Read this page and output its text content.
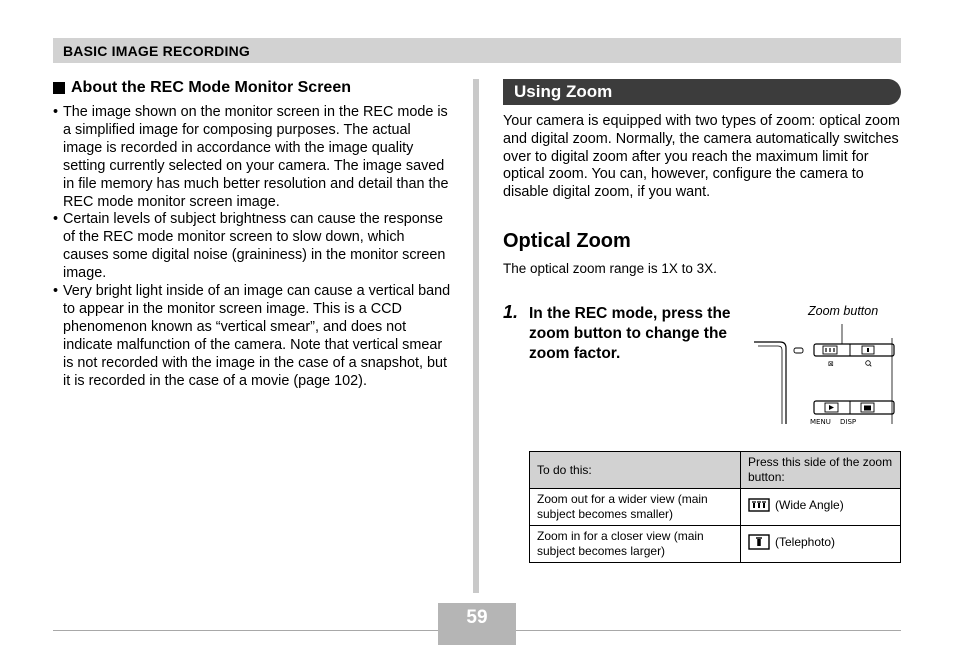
BASIC IMAGE RECORDING
About the REC Mode Monitor Screen
• The image shown on the monitor screen in the REC mode is a simplified image for composing purposes. The actual image is recorded in accordance with the image quality setting currently selected on your camera. The image saved in file memory has much better resolution and detail than the REC mode monitor screen image.
• Certain levels of subject brightness can cause the response of the REC mode monitor screen to slow down, which causes some digital noise (graininess) in the monitor screen image.
• Very bright light inside of an image can cause a vertical band to appear in the monitor screen image. This is a CCD phenomenon known as “vertical smear”, and does not indicate malfunction of the camera. Note that vertical smear is not recorded with the image in the case of a snapshot, but it is recorded in the case of a movie (page 102).
Using Zoom

Your camera is equipped with two types of zoom: optical zoom and digital zoom. Normally, the camera automatically switches over to digital zoom after you reach the maximum limit for optical zoom. You can, however, configure the camera to disable digital zoom, if you want.

Optical Zoom

The optical zoom range is 1X to 3X.

1. In the REC mode, press the zoom button to change the zoom factor.
Zoom button
⊠
MENU DISP
To do this:	Press this side of the zoom button:
Zoom out for a wider view (main subject becomes smaller)	(Wide Angle)

Zoom in for a closer view (main subject becomes larger)	(Telephoto)
59
